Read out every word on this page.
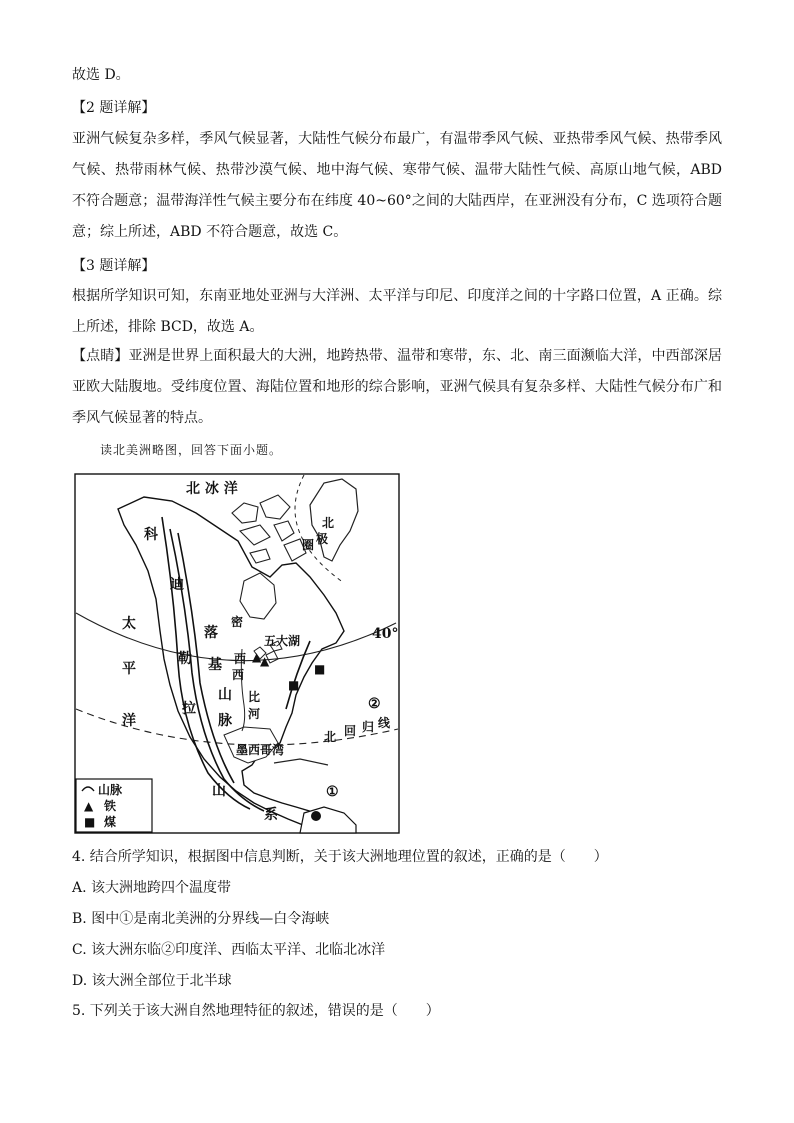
故选 D。
【2 题详解】
亚洲气候复杂多样，季风气候显著，大陆性气候分布最广，有温带季风气候、亚热带季风气候、热带季风气候、热带雨林气候、热带沙漠气候、地中海气候、寒带气候、温带大陆性气候、高原山地气候，ABD 不符合题意；温带海洋性气候主要分布在纬度 40~60°之间的大陆西岸，在亚洲没有分布，C 选项符合题意；综上所述，ABD 不符合题意，故选 C。
【3 题详解】
根据所学知识可知，东南亚地处亚洲与大洋洲、太平洋与印尼、印度洋之间的十字路口位置，A 正确。综上所述，排除 BCD，故选 A。
【点睛】亚洲是世界上面积最大的大洲，地跨热带、温带和寒带，东、北、南三面濒临大洋，中西部深居亚欧大陆腹地。受纬度位置、海陆位置和地形的综合影响，亚洲气候具有复杂多样、大陆性气候分布广和季风气候显著的特点。
读北美洲略图，回答下面小题。
▲
▲
■
■
北 冰 洋
太
平
洋
科
迪
勒
拉
山
系
落
基
山
脉
密
西
西
比
河
五大湖
北
极
圈
40°
②
①
北 回 归 线
墨西哥湾
山脉
▲ 铁
■ 煤
4. 结合所学知识，根据图中信息判断，关于该大洲地理位置的叙述，正确的是（　　）
A. 该大洲地跨四个温度带
B. 图中①是南北美洲的分界线—白令海峡
C. 该大洲东临②印度洋、西临太平洋、北临北冰洋
D. 该大洲全部位于北半球
5. 下列关于该大洲自然地理特征的叙述，错误的是（　　）
